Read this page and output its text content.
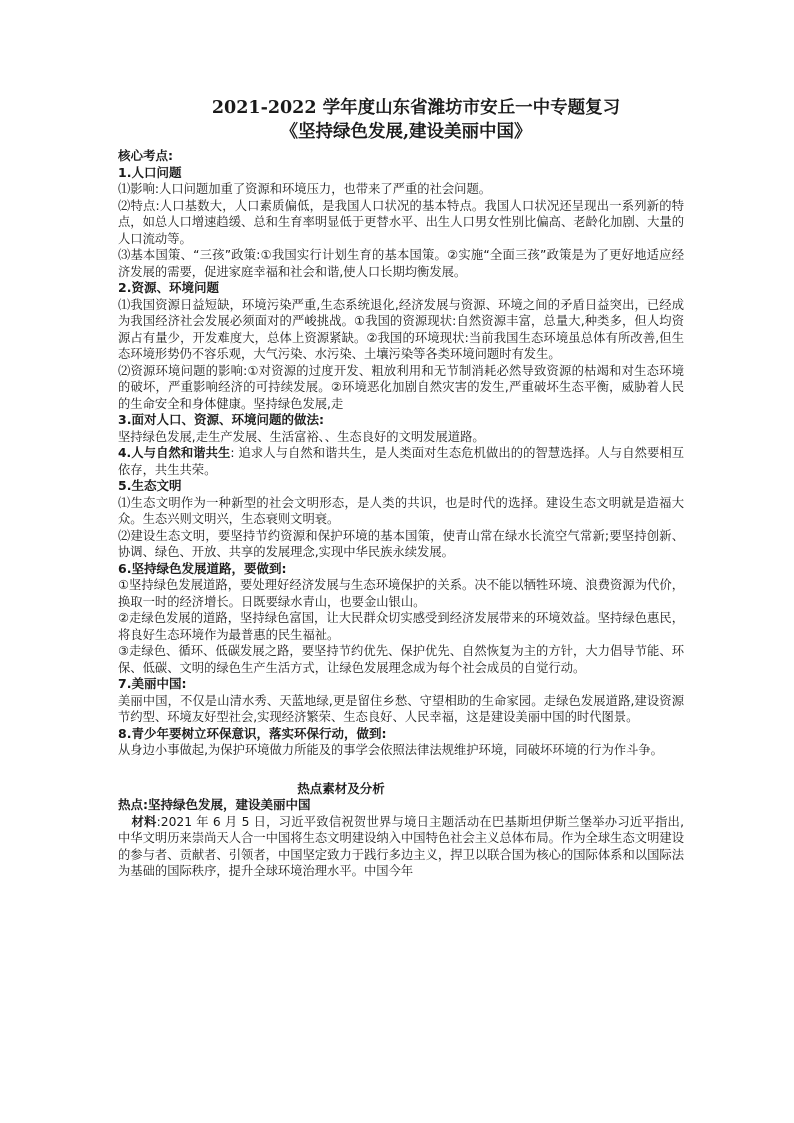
2021-2022 学年度山东省潍坊市安丘一中专题复习
《坚持绿色发展,建设美丽中国》
核心考点:
1.人口问题

⑴影响:人口问题加重了资源和环境压力，也带来了严重的社会问题。

⑵特点:人口基数大，人口素质偏低，是我国人口状况的基本特点。我国人口状况还呈现出一系列新的特点，如总人口增速趋缓、总和生育率明显低于更替水平、出生人口男女性别比偏高、老龄化加剧、大量的人口流动等。

⑶基本国策、“三孩”政策:①我国实行计划生育的基本国策。②实施“全面三孩”政策是为了更好地适应经济发展的需要，促进家庭幸福和社会和谐,使人口长期均衡发展。

2.资源、环境问题

⑴我国资源日益短缺，环境污染严重,生态系统退化,经济发展与资源、环境之间的矛盾日益突出，已经成为我国经济社会发展必须面对的严峻挑战。①我国的资源现状:自然资源丰富，总量大,种类多，但人均资源占有量少，开发难度大，总体上资源紧缺。②我国的环境现状:当前我国生态环境虽总体有所改善,但生态环境形势仍不容乐观，大气污染、水污染、土壤污染等各类环境问题时有发生。

⑵资源环境问题的影响:①对资源的过度开发、粗放利用和无节制消耗必然导致资源的枯竭和对生态环境的破坏，严重影响经济的可持续发展。②环境恶化加剧自然灾害的发生,严重破坏生态平衡，威胁着人民的生命安全和身体健康。坚持绿色发展,走

3.面对人口、资源、环境问题的做法:

坚持绿色发展,走生产发展、生活富裕、、生态良好的文明发展道路。

4.人与自然和谐共生: 追求人与自然和谐共生，是人类面对生态危机做出的的智慧选择。人与自然要相互依存，共生共荣。

5.生态文明

⑴生态文明作为一种新型的社会文明形态，是人类的共识，也是时代的选择。建设生态文明就是造福大众。生态兴则文明兴，生态衰则文明衰。

⑵建设生态文明，要坚持节约资源和保护环境的基本国策，使青山常在绿水长流空气常新;要坚持创新、协调、绿色、开放、共享的发展理念,实现中华民族永续发展。

6.坚持绿色发展道路，要做到:

①坚持绿色发展道路，要处理好经济发展与生态环境保护的关系。决不能以牺牲环境、浪费资源为代价，换取一时的经济增长。日既要绿水青山，也要金山银山。

②走绿色发展的道路，坚持绿色富国，让大民群众切实感受到经济发展带来的环境效益。坚持绿色惠民，将良好生态环境作为最普惠的民生福祉。

③走绿色、循环、低碳发展之路，要坚持节约优先、保护优先、自然恢复为主的方针，大力倡导节能、环保、低碳、文明的绿色生产生活方式，让绿色发展理念成为每个社会成员的自觉行动。

7.美丽中国:

美丽中国，不仅是山清水秀、天蓝地绿,更是留住乡愁、守望相助的生命家园。走绿色发展道路,建设资源节约型、环境友好型社会,实现经济繁荣、生态良好、人民幸福，这是建设美丽中国的时代图景。

8.青少年要树立环保意识，落实环保行动，做到:

从身边小事做起,为保护环境做力所能及的事学会依照法律法规维护环境，同破坏环境的行为作斗争。

热点素材及分析
热点:坚持绿色发展，建设美丽中国

材料:2021 年 6 月 5 日，习近平致信祝贺世界与境日主题活动在巴基斯坦伊斯兰堡举办习近平指出,中华文明历来崇尚天人合一中国将生态文明建设纳入中国特色社会主义总体布局。作为全球生态文明建设的参与者、贡献者、引领者，中国坚定致力于践行多边主义，捍卫以联合国为核心的国际体系和以国际法为基础的国际秩序，提升全球环境治理水平。中国今年
